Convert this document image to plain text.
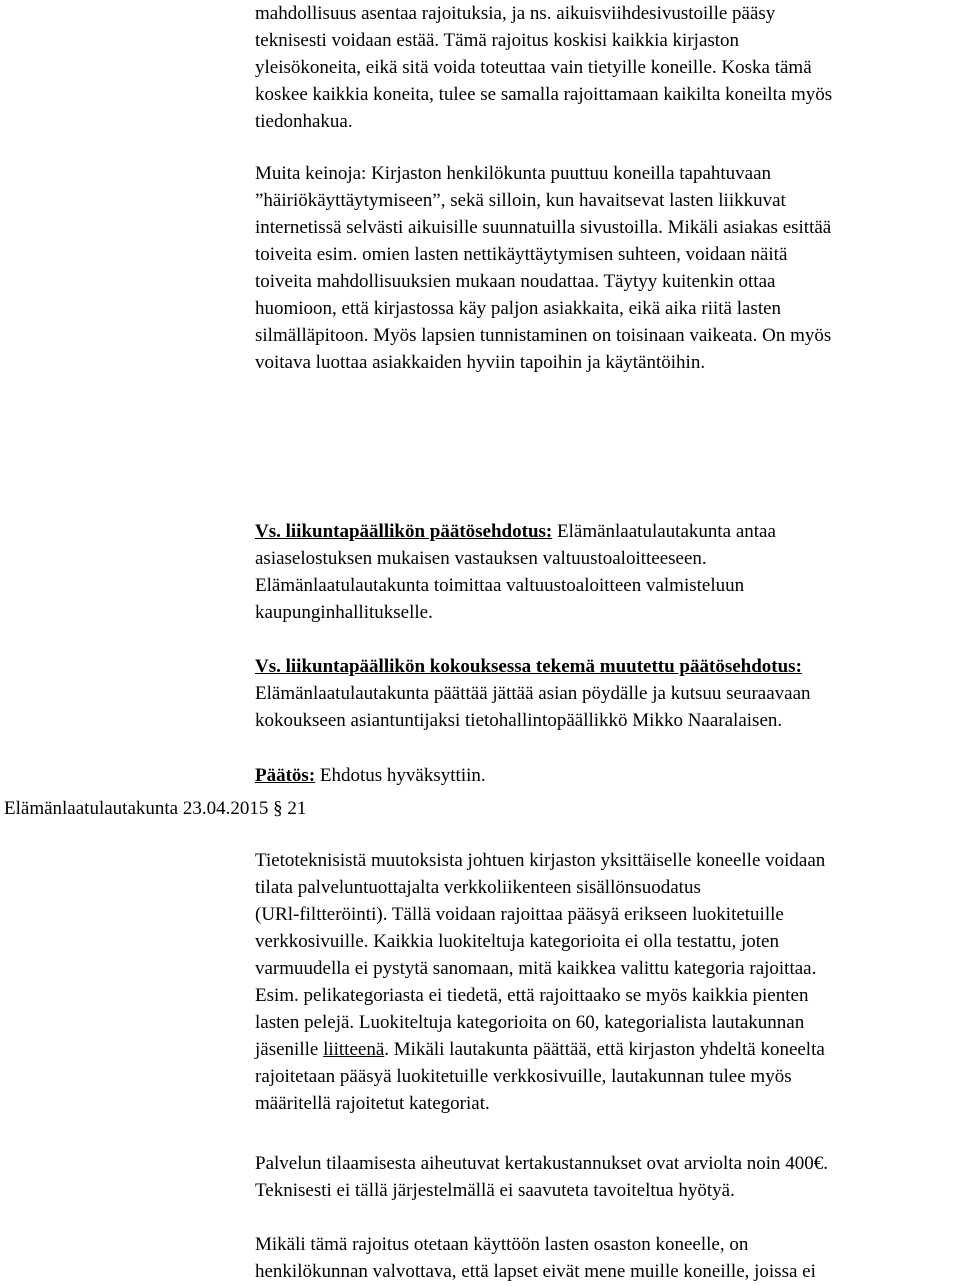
mahdollisuus asentaa rajoituksia, ja ns. aikuisviihdesivustoille pääsy

teknisesti voidaan estää. Tämä rajoitus koskisi kaikkia kirjaston

yleisökoneita, eikä sitä voida toteuttaa vain tietyille koneille. Koska tämä

koskee kaikkia koneita, tulee se samalla rajoittamaan kaikilta koneilta myös

tiedonhakua.

Muita keinoja: Kirjaston henkilökunta puuttuu koneilla tapahtuvaan

”häiriökäyttäytymiseen”, sekä silloin, kun havaitsevat lasten liikkuvat

internetissä selvästi aikuisille suunnatuilla sivustoilla. Mikäli asiakas esittää

toiveita esim. omien lasten nettikäyttäytymisen suhteen, voidaan näitä

toiveita mahdollisuuksien mukaan noudattaa. Täytyy kuitenkin ottaa

huomioon, että kirjastossa käy paljon asiakkaita, eikä aika riitä lasten

silmälläpitoon. Myös lapsien tunnistaminen on toisinaan vaikeata. On myös

voitava luottaa asiakkaiden hyviin tapoihin ja käytäntöihin.

Vs. liikuntapäällikön päätösehdotus: Elämänlaatulautakunta antaa

asiaselostuksen mukaisen vastauksen valtuustoaloitteeseen.

Elämänlaatulautakunta toimittaa valtuustoaloitteen valmisteluun

kaupunginhallitukselle.

Vs. liikuntapäällikön kokouksessa tekemä muutettu päätösehdotus:

Elämänlaatulautakunta päättää jättää asian pöydälle ja kutsuu seuraavaan

kokoukseen asiantuntijaksi tietohallintopäällikkö Mikko Naaralaisen.

Päätös: Ehdotus hyväksyttiin.

Elämänlaatulautakunta 23.04.2015 § 21

Tietoteknisistä muutoksista johtuen kirjaston yksittäiselle koneelle voidaan

tilata palveluntuottajalta verkkoliikenteen sisällönsuodatus

(URl-filtteröinti). Tällä voidaan rajoittaa pääsyä erikseen luokitetuille

verkkosivuille. Kaikkia luokiteltuja kategorioita ei olla testattu, joten

varmuudella ei pystytä sanomaan, mitä kaikkea valittu kategoria rajoittaa.

Esim. pelikategoriasta ei tiedetä, että rajoittaako se myös kaikkia pienten

lasten pelejä. Luokiteltuja kategorioita on 60, kategorialista lautakunnan

jäsenille liitteenä. Mikäli lautakunta päättää, että kirjaston yhdeltä koneelta

rajoitetaan pääsyä luokitetuille verkkosivuille, lautakunnan tulee myös

määritellä rajoitetut kategoriat.

Palvelun tilaamisesta aiheutuvat kertakustannukset ovat arviolta noin 400€.

Teknisesti ei tällä järjestelmällä ei saavuteta tavoiteltua hyötyä.

Mikäli tämä rajoitus otetaan käyttöön lasten osaston koneelle, on

henkilökunnan valvottava, että lapset eivät mene muille koneille, joissa ei
